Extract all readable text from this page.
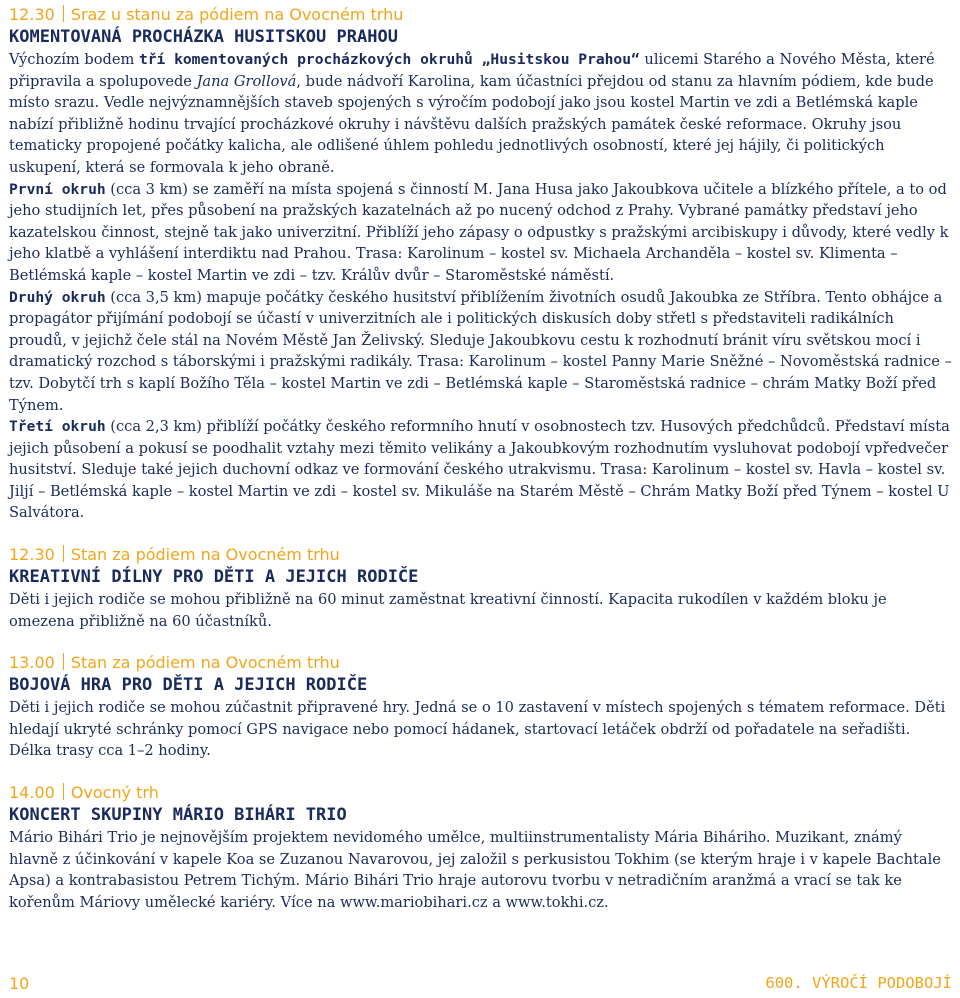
12.30 Sraz u stanu za pódiem na Ovocném trhu
KOMENTOVANÁ PROCHÁZKA HUSITSKOU PRAHOU

Výchozím bodem tří komentovaných procházkových okruhů „Husitskou Prahou“ ulicemi Starého a Nového Města, které připravila a spolupovede Jana Grollová, bude nádvoří Karolina, kam účastníci přejdou od stanu za hlavním pódiem, kde bude místo srazu. Vedle nejvýznamnějších staveb spojených s výročím podobojí jako jsou kostel Martin ve zdi a Betlémská kaple nabízí přibližně hodinu trvající procházkové okruhy i návštěvu dalších pražských památek české reformace. Okruhy jsou tematicky propojené počátky kalicha, ale odlišené úhlem pohledu jednotlivých osobností, které jej hájily, či politických uskupení, která se formovala k jeho obraně.

První okruh (cca 3 km) se zaměří na místa spojená s činností M. Jana Husa jako Jakoubkova učitele a blízkého přítele, a to od jeho studijních let, přes působení na pražských kazatelnách až po nucený odchod z Prahy. Vybrané památky představí jeho kazatelskou činnost, stejně tak jako univerzitní. Přiblíží jeho zápasy o odpustky s pražskými arcibiskupy i důvody, které vedly k jeho klatbě a vyhlášení interdiktu nad Prahou. Trasa: Karolinum – kostel sv. Michaela Archanděla – kostel sv. Klimenta – Betlémská kaple – kostel Martin ve zdi – tzv. Králův dvůr – Staroměstské náměstí.

Druhý okruh (cca 3,5 km) mapuje počátky českého husitství přiblížením životních osudů Jakoubka ze Stříbra. Tento obhájce a propagátor přijímání podobojí se účastí v univerzitních ale i politických diskusích doby střetl s představiteli radikálních proudů, v jejichž čele stál na Novém Městě Jan Želivský. Sleduje Jakoubkovu cestu k rozhodnutí bránit víru světskou mocí i dramatický rozchod s táborskými i pražskými radikály. Trasa: Karolinum – kostel Panny Marie Sněžné – Novoměstská radnice – tzv. Dobytčí trh s kaplí Božího Těla – kostel Martin ve zdi – Betlémská kaple – Staroměstská radnice – chrám Matky Boží před Týnem.

Třetí okruh (cca 2,3 km) přiblíží počátky českého reformního hnutí v osobnostech tzv. Husových předchůdců. Představí místa jejich působení a pokusí se poodhalit vztahy mezi těmito velikány a Jakoubkovým rozhodnutím vysluhovat podobojí vpředvečer husitství. Sleduje také jejich duchovní odkaz ve formování českého utrakvismu. Trasa: Karolinum – kostel sv. Havla – kostel sv. Jiljí – Betlémská kaple – kostel Martin ve zdi – kostel sv. Mikuláše na Starém Městě – Chrám Matky Boží před Týnem – kostel U Salvátora.

12.30 Stan za pódiem na Ovocném trhu
KREATIVNÍ DÍLNY PRO DĚTI A JEJICH RODIČE

Děti i jejich rodiče se mohou přibližně na 60 minut zaměstnat kreativní činností. Kapacita rukodílen v každém bloku je omezena přibližně na 60 účastníků.

13.00 Stan za pódiem na Ovocném trhu
BOJOVÁ HRA PRO DĚTI A JEJICH RODIČE

Děti i jejich rodiče se mohou zúčastnit připravené hry. Jedná se o 10 zastavení v místech spojených s tématem reformace. Děti hledají ukryté schránky pomocí GPS navigace nebo pomocí hádanek, startovací letáček obdrží od pořadatele na seřadišti. Délka trasy cca 1–2 hodiny.

14.00 Ovocný trh
KONCERT SKUPINY MÁRIO BIHÁRI TRIO

Mário Bihári Trio je nejnovějším projektem nevidomého umělce, multiinstrumentalisty Mária Biháriho. Muzikant, známý hlavně z účinkování v kapele Koa se Zuzanou Navarovou, jej založil s perkusistou Tokhim (se kterým hraje i v kapele Bachtale Apsa) a kontrabasistou Petrem Tichým. Mário Bihári Trio hraje autorovu tvorbu v netradičním aranžmá a vrací se tak ke kořenům Máriovy umělecké kariéry. Více na www.mariobihari.cz a www.tokhi.cz.

10	600. VÝROČÍ PODOBOJÍ
